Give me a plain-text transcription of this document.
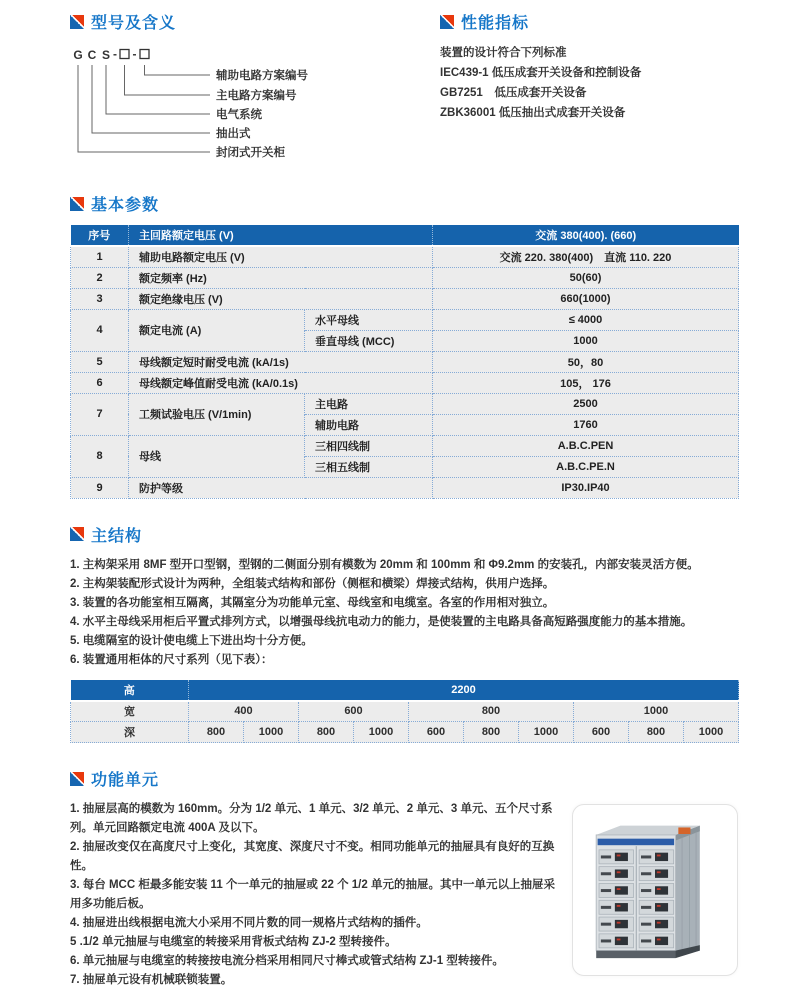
型号及含义
G C S - -
辅助电路方案编号
主电路方案编号
电气系统
抽出式
封闭式开关柜
性能指标

装置的设计符合下列标准

IEC439-1 低压成套开关设备和控制设备

GB7251　低压成套开关设备

ZBK36001 低压抽出式成套开关设备

基本参数
序号	主回路额定电压 (V)		交流 380(400). (660)
1	辅助电路额定电压 (V)		交流 220. 380(400)　直流 110. 220
2	额定频率 (Hz)		50(60)
3	额定绝缘电压 (V)		660(1000)
4	额定电流 (A)	水平母线	≤ 4000
		垂直母线 (MCC)	1000
5	母线额定短时耐受电流 (kA/1s)		50，80
6	母线额定峰值耐受电流 (kA/0.1s)		105， 176
7	工频试验电压 (V/1min)	主电路	2500
		辅助电路	1760
8	母线	三相四线制	A.B.C.PEN
		三相五线制	A.B.C.PE.N
9	防护等级		IP30.IP40
主结构

1. 主构架采用 8MF 型开口型钢，型钢的二侧面分别有模数为 20mm 和 100mm 和 Φ9.2mm 的安装孔，内部安装灵活方便。

2. 主构架装配形式设计为两种，全组装式结构和部份（侧框和横梁）焊接式结构，供用户选择。

3. 装置的各功能室相互隔离，其隔室分为功能单元室、母线室和电缆室。各室的作用相对独立。

4. 水平主母线采用柜后平置式排列方式，以增强母线抗电动力的能力，是使装置的主电路具备高短路强度能力的基本措施。

5. 电缆隔室的设计使电缆上下进出均十分方便。

6. 装置通用柜体的尺寸系列（见下表）：

高	2200									
宽	400		600		800			1000		
深	800	1000	800	1000	600	800	1000	600	800	1000
功能单元

1. 抽屉层高的模数为 160mm。分为 1/2 单元、1 单元、3/2 单元、2 单元、3 单元、五个尺寸系列。单元回路额定电流 400A 及以下。

2. 抽屉改变仅在高度尺寸上变化，其宽度、深度尺寸不变。相同功能单元的抽屉具有良好的互换性。

3. 每台 MCC 柜最多能安装 11 个一单元的抽屉或 22 个 1/2 单元的抽屉。其中一单元以上抽屉采用多功能后板。

4. 抽屉进出线根据电流大小采用不同片数的同一规格片式结构的插件。

5 .1/2 单元抽屉与电缆室的转接采用背板式结构 ZJ-2 型转接件。

6. 单元抽屉与电缆室的转接按电流分档采用相同尺寸棒式或管式结构 ZJ-1 型转接件。

7. 抽屉单元设有机械联锁装置。
